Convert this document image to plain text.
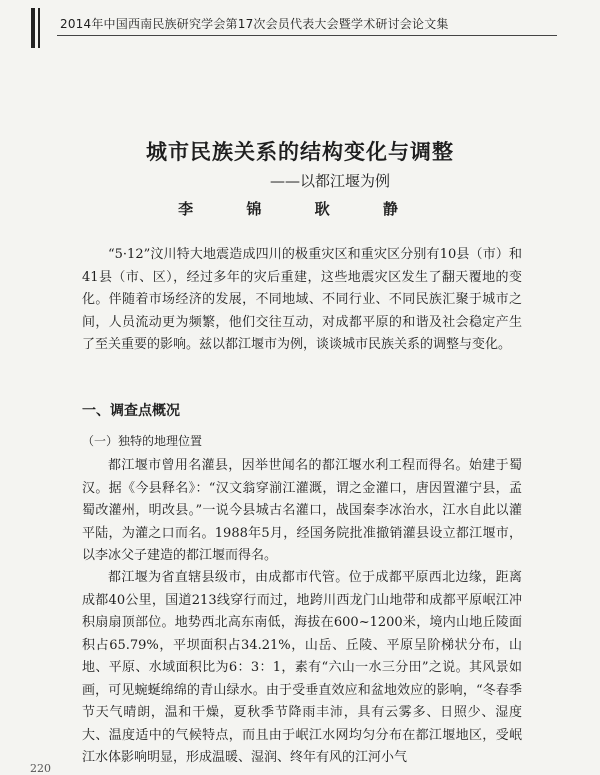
2014年中国西南民族研究学会第17次会员代表大会暨学术研讨会论文集
城市民族关系的结构变化与调整
——以都江堰为例
李 锦 耿 静

“5·12”汶川特大地震造成四川的极重灾区和重灾区分别有10县（市）和41县（市、区），经过多年的灾后重建，这些地震灾区发生了翻天覆地的变化。伴随着市场经济的发展，不同地域、不同行业、不同民族汇聚于城市之间，人员流动更为频繁，他们交往互动，对成都平原的和谐及社会稳定产生了至关重要的影响。兹以都江堰市为例，谈谈城市民族关系的调整与变化。

一、调查点概况
（一）独特的地理位置

都江堰市曾用名灌县，因举世闻名的都江堰水利工程而得名。始建于蜀汉。据《今县释名》：“汉文翁穿湔江灌溉，谓之金灌口，唐因置灌宁县，孟蜀改灌州，明改县。”一说今县城古名灌口，战国秦李冰治水，江水自此以灌平陆，为灌之口而名。1988年5月，经国务院批准撤销灌县设立都江堰市，以李冰父子建造的都江堰而得名。

都江堰为省直辖县级市，由成都市代管。位于成都平原西北边缘，距离成都40公里，国道213线穿行而过，地跨川西龙门山地带和成都平原岷江冲积扇扇顶部位。地势西北高东南低，海拔在600~1200米，境内山地丘陵面积占65.79%，平坝面积占34.21%，山岳、丘陵、平原呈阶梯状分布，山地、平原、水域面积比为6：3：1，素有“六山一水三分田”之说。其风景如画，可见蜿蜒绵绵的青山绿水。由于受垂直效应和盆地效应的影响，“冬春季节天气晴朗，温和干燥，夏秋季节降雨丰沛，具有云雾多、日照少、湿度大、温度适中的气候特点，而且由于岷江水网均匀分布在都江堰地区，受岷江水体影响明显，形成温暖、湿润、终年有风的江河小气

220
